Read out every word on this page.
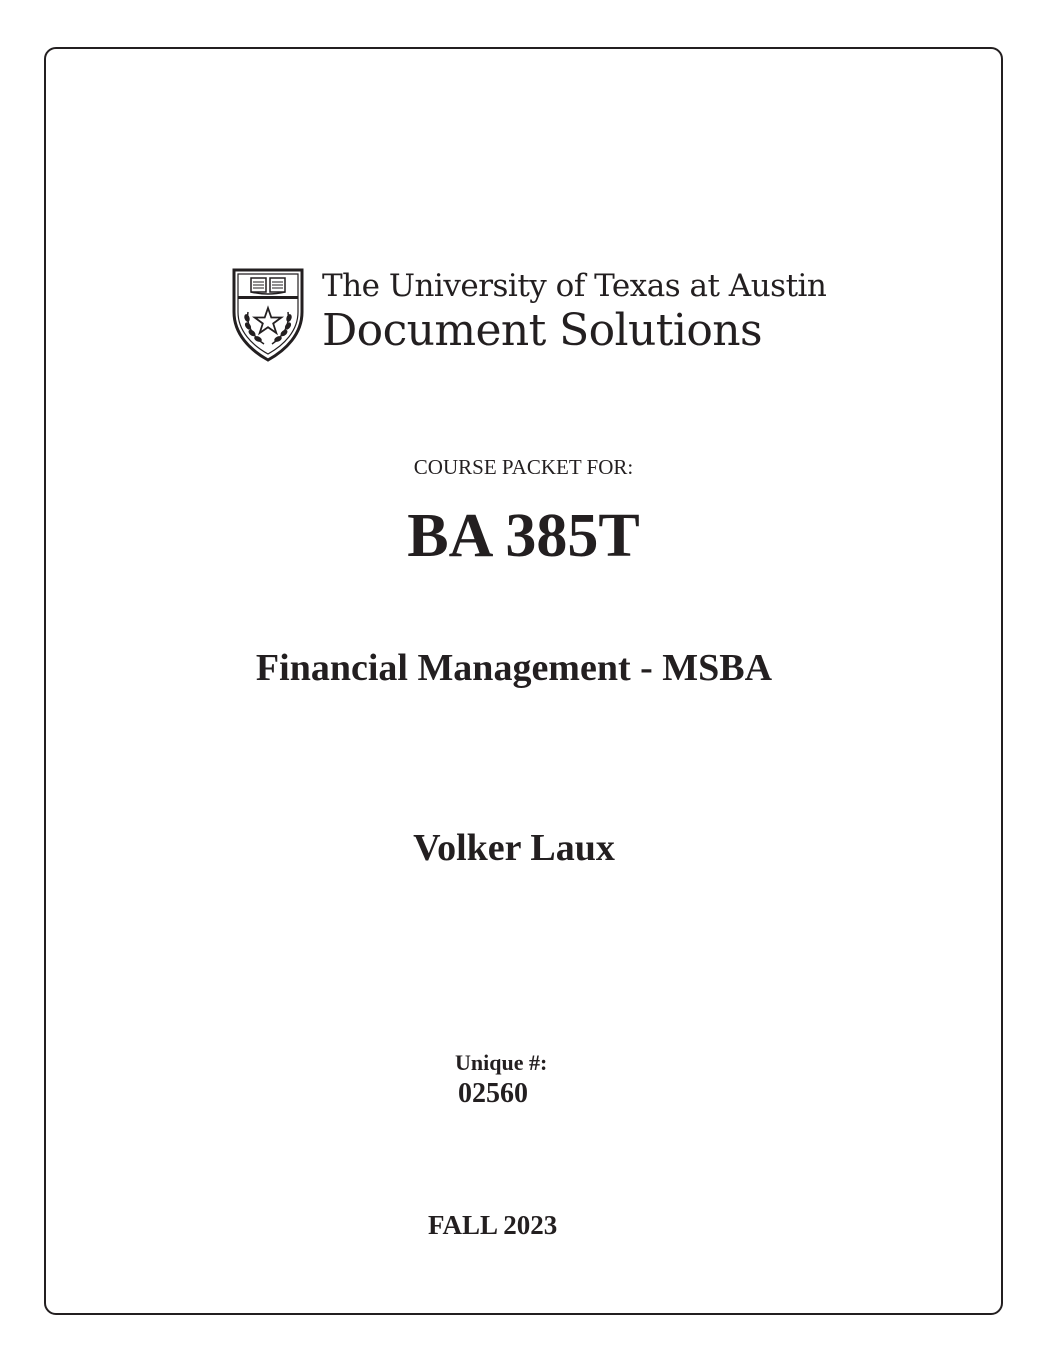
The University of Texas at Austin
Document Solutions
COURSE PACKET FOR:
BA 385T
Financial Management - MSBA
Volker Laux
Unique #:
02560
FALL 2023
